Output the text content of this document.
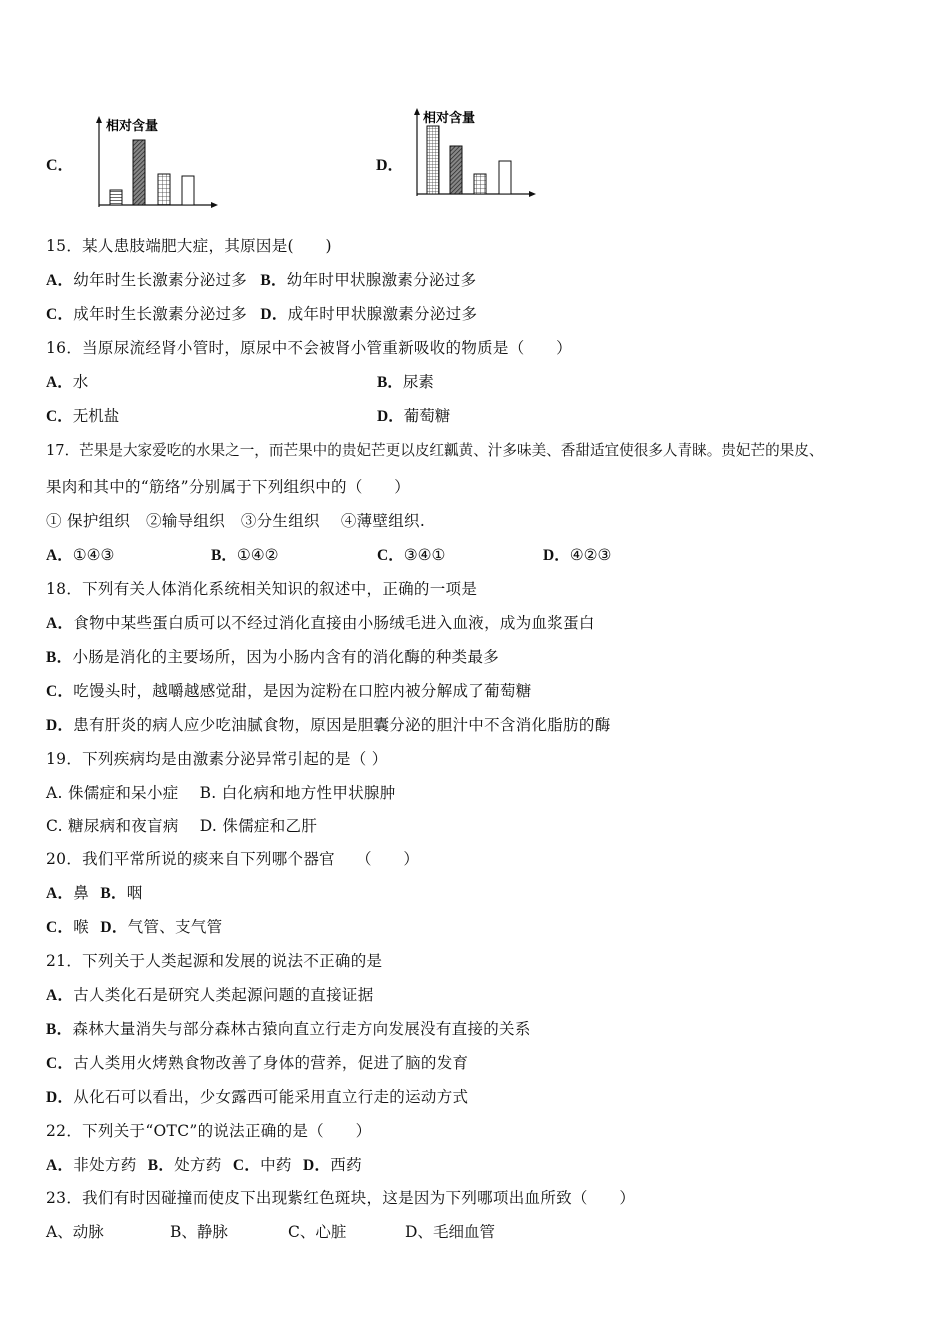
C．
相对含量
D．
相对含量
15．某人患肢端肥大症，其原因是(　　)
A．幼年时生长激素分泌过多 B．幼年时甲状腺激素分泌过多
C．成年时生长激素分泌过多 D．成年时甲状腺激素分泌过多
16．当原尿流经肾小管时，原尿中不会被肾小管重新吸收的物质是（　　）
A．水	B．尿素
C．无机盐	D．葡萄糖
17．芒果是大家爱吃的水果之一，而芒果中的贵妃芒更以皮红瓤黄、汁多味美、香甜适宜使很多人青睐。贵妃芒的果皮、
果肉和其中的“筋络”分别属于下列组织中的（　　）
① 保护组织　②输导组织　③分生组织　 ④薄壁组织.
A．①④③	B．①④②	C．③④①	D．④②③
18．下列有关人体消化系统相关知识的叙述中，正确的一项是
A．食物中某些蛋白质可以不经过消化直接由小肠绒毛进入血液，成为血浆蛋白
B．小肠是消化的主要场所，因为小肠内含有的消化酶的种类最多
C．吃馒头时，越嚼越感觉甜，是因为淀粉在口腔内被分解成了葡萄糖
D．患有肝炎的病人应少吃油腻食物，原因是胆囊分泌的胆汁中不含消化脂肪的酶
19．下列疾病均是由激素分泌异常引起的是（ ）
A. 侏儒症和呆小症　 B. 白化病和地方性甲状腺肿
C. 糖尿病和夜盲病　 D. 侏儒症和乙肝
20．我们平常所说的痰来自下列哪个器官　 （　　）
A．鼻 B．咽
C．喉 D．气管、支气管
21．下列关于人类起源和发展的说法不正确的是
A．古人类化石是研究人类起源问题的直接证据
B．森林大量消失与部分森林古猿向直立行走方向发展没有直接的关系
C．古人类用火烤熟食物改善了身体的营养，促进了脑的发育
D．从化石可以看出，少女露西可能采用直立行走的运动方式
22．下列关于“OTC”的说法正确的是（　　）
A．非处方药 B．处方药 C．中药 D．西药
23．我们有时因碰撞而使皮下出现紫红色斑块，这是因为下列哪项出血所致（　　）
A、动脉	B、静脉	C、心脏	D、毛细血管
